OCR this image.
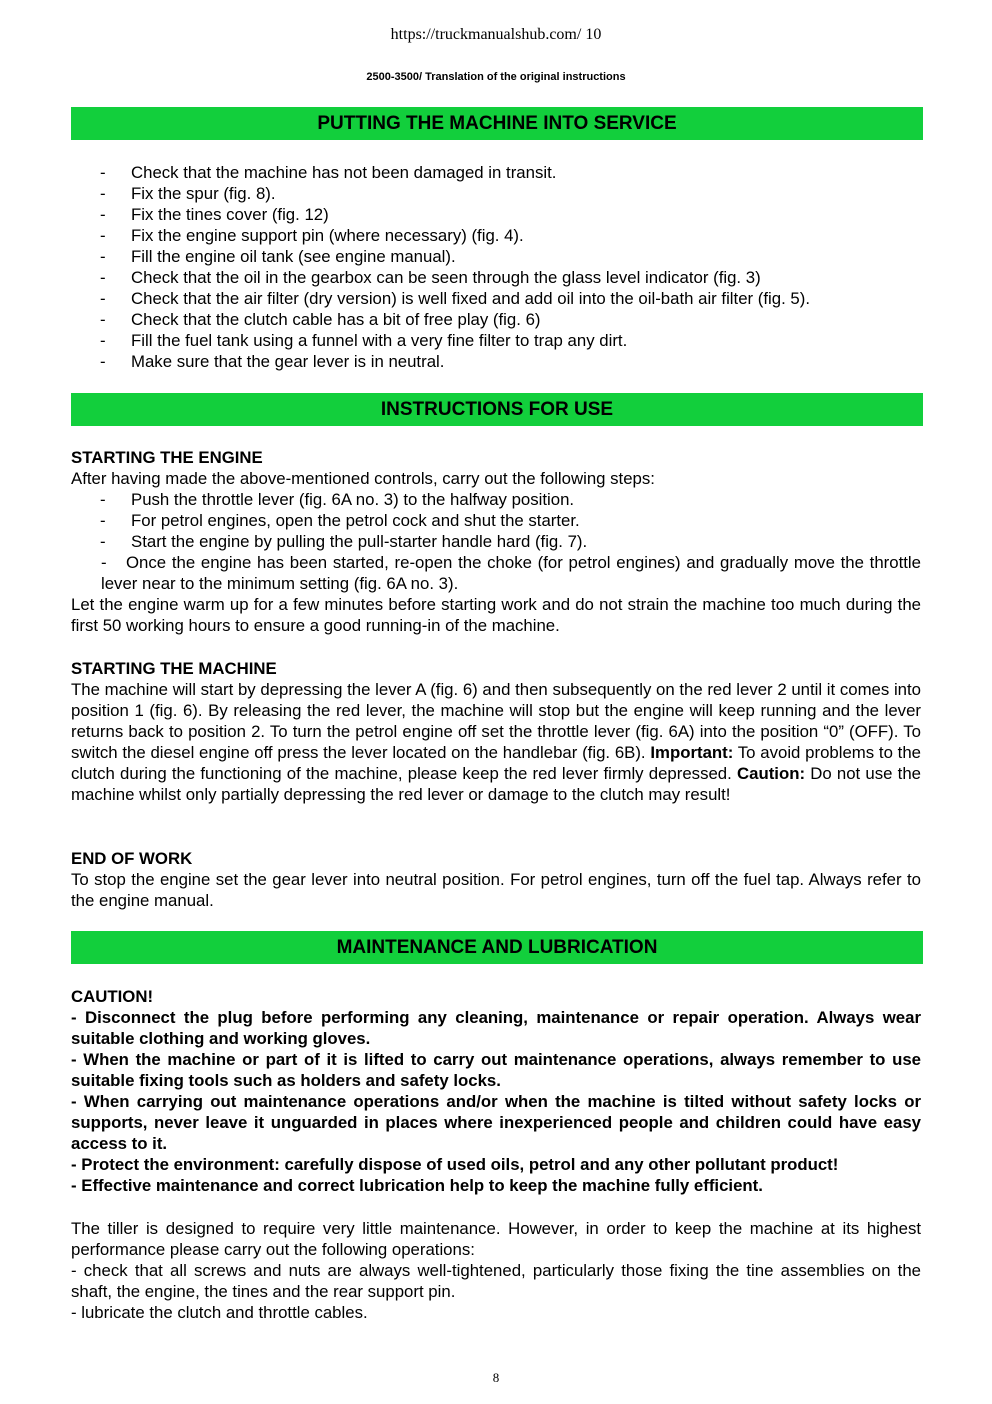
https://truckmanualshub.com/ 10
2500-3500/ Translation of the original instructions
PUTTING THE MACHINE INTO SERVICE
- Check that the machine has not been damaged in transit.
- Fix the spur (fig. 8).
- Fix the tines cover (fig. 12)
- Fix the engine support pin (where necessary) (fig. 4).
- Fill the engine oil tank (see engine manual).
- Check that the oil in the gearbox can be seen through the glass level indicator (fig. 3)
- Check that the air filter (dry version) is well fixed and add oil into the oil-bath air filter (fig. 5).
- Check that the clutch cable has a bit of free play (fig. 6)
- Fill the fuel tank using a funnel with a very fine filter to trap any dirt.
- Make sure that the gear lever is in neutral.
INSTRUCTIONS FOR USE
STARTING THE ENGINE
After having made the above-mentioned controls, carry out the following steps:
- Push the throttle lever (fig. 6A no. 3) to the halfway position.
- For petrol engines, open the petrol cock and shut the starter.
- Start the engine by pulling the pull-starter handle hard (fig. 7).
- Once the engine has been started, re-open the choke (for petrol engines) and gradually move the throttle lever near to the minimum setting (fig. 6A no. 3).
Let the engine warm up for a few minutes before starting work and do not strain the machine too much during the first 50 working hours to ensure a good running-in of the machine.
STARTING THE MACHINE
The machine will start by depressing the lever A (fig. 6) and then subsequently on the red lever 2 until it comes into position 1 (fig. 6). By releasing the red lever, the machine will stop but the engine will keep running and the lever returns back to position 2. To turn the petrol engine off set the throttle lever (fig. 6A) into the position “0” (OFF). To switch the diesel engine off press the lever located on the handlebar (fig. 6B). Important: To avoid problems to the clutch during the functioning of the machine, please keep the red lever firmly depressed. Caution: Do not use the machine whilst only partially depressing the red lever or damage to the clutch may result!
END OF WORK
To stop the engine set the gear lever into neutral position. For petrol engines, turn off the fuel tap. Always refer to the engine manual.
MAINTENANCE AND LUBRICATION
CAUTION!
- Disconnect the plug before performing any cleaning, maintenance or repair operation. Always wear suitable clothing and working gloves.
- When the machine or part of it is lifted to carry out maintenance operations, always remember to use suitable fixing tools such as holders and safety locks.
- When carrying out maintenance operations and/or when the machine is tilted without safety locks or supports, never leave it unguarded in places where inexperienced people and children could have easy access to it.
- Protect the environment: carefully dispose of used oils, petrol and any other pollutant product!
- Effective maintenance and correct lubrication help to keep the machine fully efficient.
The tiller is designed to require very little maintenance. However, in order to keep the machine at its highest performance please carry out the following operations:
- check that all screws and nuts are always well-tightened, particularly those fixing the tine assemblies on the shaft, the engine, the tines and the rear support pin.
- lubricate the clutch and throttle cables.
8
